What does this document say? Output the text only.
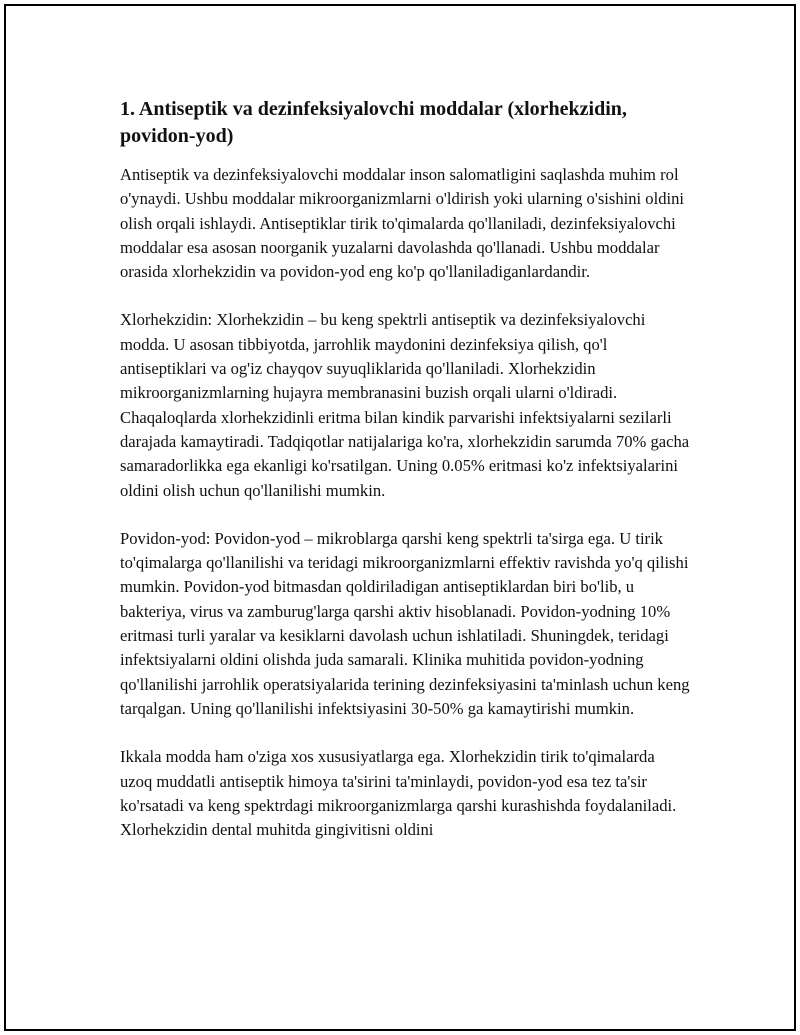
1. Antiseptik va dezinfeksiyalovchi moddalar (xlorhekzidin, povidon-yod)

Antiseptik va dezinfeksiyalovchi moddalar inson salomatligini saqlashda muhim rol o'ynaydi. Ushbu moddalar mikroorganizmlarni o'ldirish yoki ularning o'sishini oldini olish orqali ishlaydi. Antiseptiklar tirik to'qimalarda qo'llaniladi, dezinfeksiyalovchi moddalar esa asosan noorganik yuzalarni davolashda qo'llanadi. Ushbu moddalar orasida xlorhekzidin va povidon-yod eng ko'p qo'llaniladiganlardandir.

Xlorhekzidin: Xlorhekzidin – bu keng spektrli antiseptik va dezinfeksiyalovchi modda. U asosan tibbiyotda, jarrohlik maydonini dezinfeksiya qilish, qo'l antiseptiklari va og'iz chayqov suyuqliklarida qo'llaniladi. Xlorhekzidin mikroorganizmlarning hujayra membranasini buzish orqali ularni o'ldiradi. Chaqaloqlarda xlorhekzidinli eritma bilan kindik parvarishi infektsiyalarni sezilarli darajada kamaytiradi. Tadqiqotlar natijalariga ko'ra, xlorhekzidin sarumda 70% gacha samaradorlikka ega ekanligi ko'rsatilgan. Uning 0.05% eritmasi ko'z infektsiyalarini oldini olish uchun qo'llanilishi mumkin.

Povidon-yod: Povidon-yod – mikroblarga qarshi keng spektrli ta'sirga ega. U tirik to'qimalarga qo'llanilishi va teridagi mikroorganizmlarni effektiv ravishda yo'q qilishi mumkin. Povidon-yod bitmasdan qoldiriladigan antiseptiklardan biri bo'lib, u bakteriya, virus va zamburug'larga qarshi aktiv hisoblanadi. Povidon-yodning 10% eritmasi turli yaralar va kesiklarni davolash uchun ishlatiladi. Shuningdek, teridagi infektsiyalarni oldini olishda juda samarali. Klinika muhitida povidon-yodning qo'llanilishi jarrohlik operatsiyalarida terining dezinfeksiyasini ta'minlash uchun keng tarqalgan. Uning qo'llanilishi infektsiyasini 30-50% ga kamaytirishi mumkin.

Ikkala modda ham o'ziga xos xususiyatlarga ega. Xlorhekzidin tirik to'qimalarda uzoq muddatli antiseptik himoya ta'sirini ta'minlaydi, povidon-yod esa tez ta'sir ko'rsatadi va keng spektrdagi mikroorganizmlarga qarshi kurashishda foydalaniladi. Xlorhekzidin dental muhitda gingivitisni oldini
